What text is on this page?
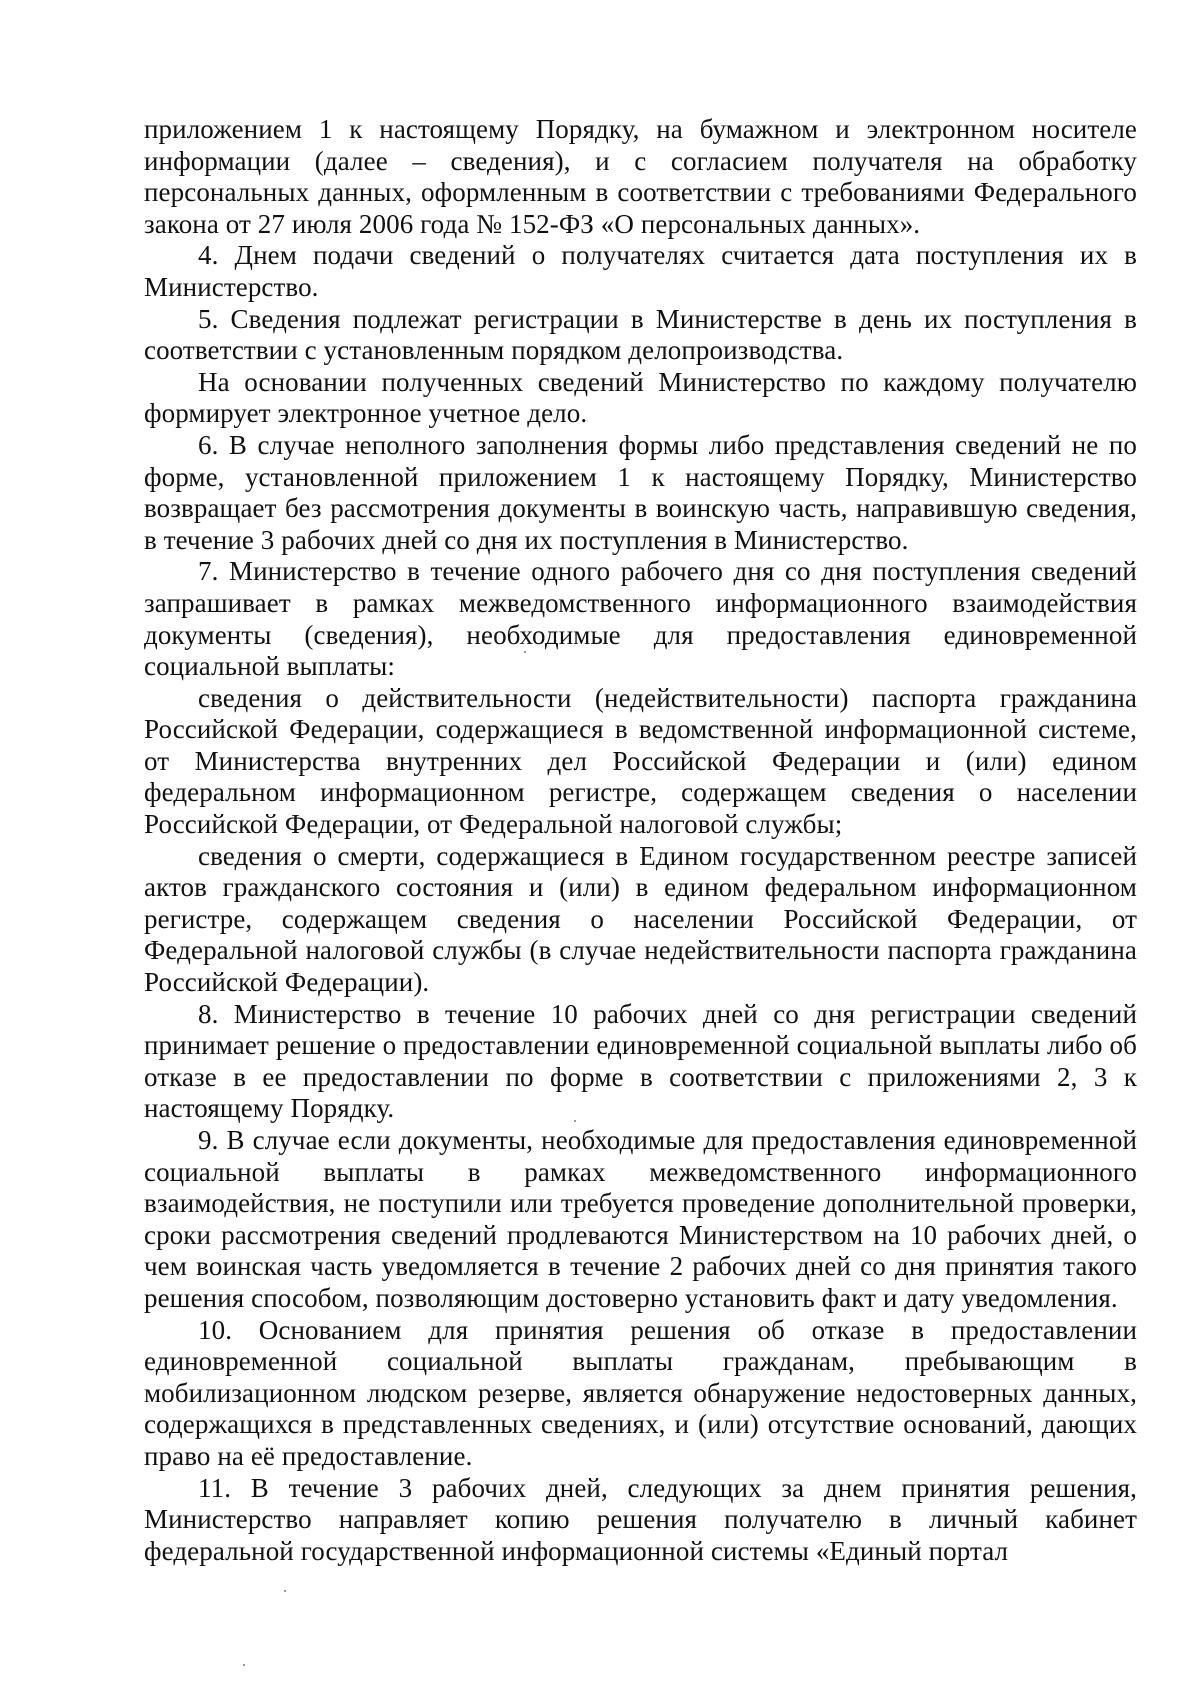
приложением 1 к настоящему Порядку, на бумажном и электронном носителе информации (далее – сведения), и с согласием получателя на обработку персональных данных, оформленным в соответствии с требованиями Федерального закона от 27 июля 2006 года № 152-ФЗ «О персональных данных».

4. Днем подачи сведений о получателях считается дата поступления их в Министерство.

5. Сведения подлежат регистрации в Министерстве в день их поступления в соответствии с установленным порядком делопроизводства.

На основании полученных сведений Министерство по каждому получателю формирует электронное учетное дело.

6. В случае неполного заполнения формы либо представления сведений не по форме, установленной приложением 1 к настоящему Порядку, Министерство возвращает без рассмотрения документы в воинскую часть, направившую сведения, в течение 3 рабочих дней со дня их поступления в Министерство.

7. Министерство в течение одного рабочего дня со дня поступления сведений запрашивает в рамках межведомственного информационного взаимодействия документы (сведения), необходимые для предоставления единовременной социальной выплаты:

сведения о действительности (недействительности) паспорта гражданина Российской Федерации, содержащиеся в ведомственной информационной системе, от Министерства внутренних дел Российской Федерации и (или) едином федеральном информационном регистре, содержащем сведения о населении Российской Федерации, от Федеральной налоговой службы;

сведения о смерти, содержащиеся в Едином государственном реестре записей актов гражданского состояния и (или) в едином федеральном информационном регистре, содержащем сведения о населении Российской Федерации, от Федеральной налоговой службы (в случае недействительности паспорта гражданина Российской Федерации).

8. Министерство в течение 10 рабочих дней со дня регистрации сведений принимает решение о предоставлении единовременной социальной выплаты либо об отказе в ее предоставлении по форме в соответствии с приложениями 2, 3 к настоящему Порядку.

9. В случае если документы, необходимые для предоставления единовременной социальной выплаты в рамках межведомственного информационного взаимодействия, не поступили или требуется проведение дополнительной проверки, сроки рассмотрения сведений продлеваются Министерством на 10 рабочих дней, о чем воинская часть уведомляется в течение 2 рабочих дней со дня принятия такого решения способом, позволяющим достоверно установить факт и дату уведомления.

10. Основанием для принятия решения об отказе в предоставлении единовременной социальной выплаты гражданам, пребывающим в мобилизационном людском резерве, является обнаружение недостоверных данных, содержащихся в представленных сведениях, и (или) отсутствие оснований, дающих право на её предоставление.

11. В течение 3 рабочих дней, следующих за днем принятия решения, Министерство направляет копию решения получателю в личный кабинет федеральной государственной информационной системы «Единый портал
